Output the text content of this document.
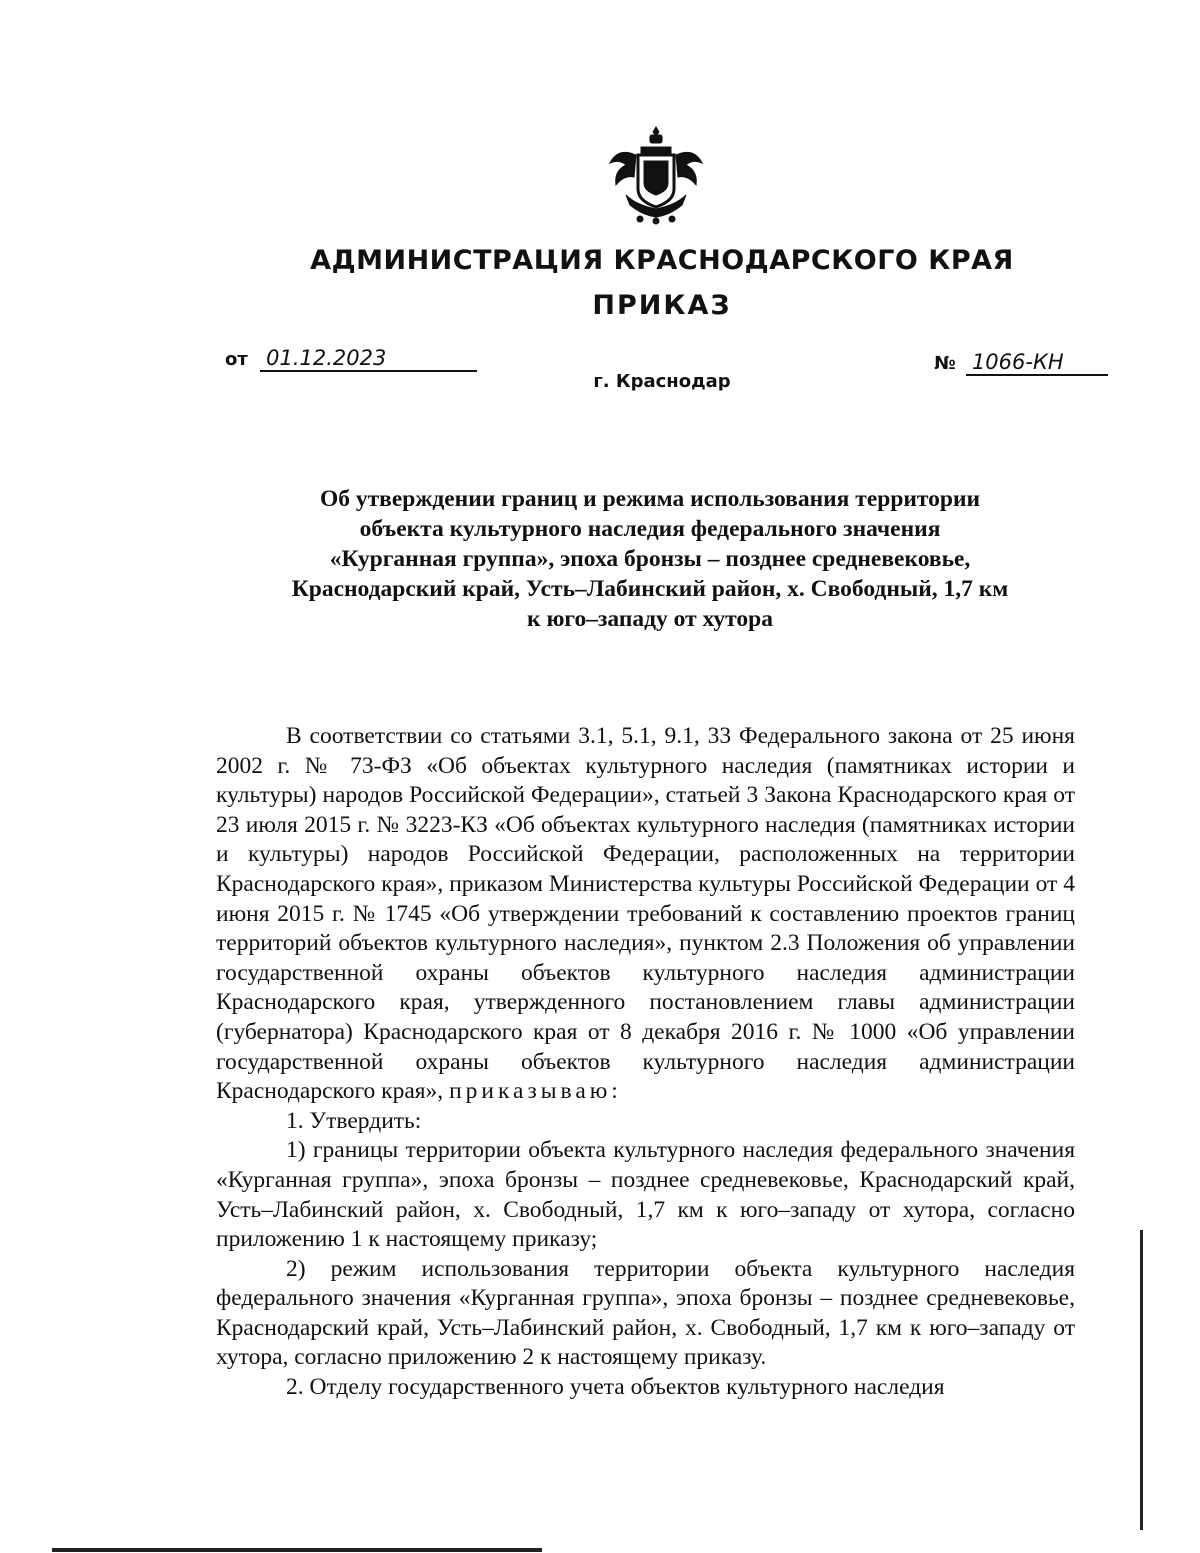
АДМИНИСТРАЦИЯ КРАСНОДАРСКОГО КРАЯ
ПРИКАЗ
от 01.12.2023	№ 1066-КН
г. Краснодар
Об утверждении границ и режима использования территории
объекта культурного наследия федерального значения
«Курганная группа», эпоха бронзы – позднее средневековье,
Краснодарский край, Усть–Лабинский район, х. Свободный, 1,7 км
к юго–западу от хутора

В соответствии со статьями 3.1, 5.1, 9.1, 33 Федерального закона от 25 июня 2002 г. № 73-ФЗ «Об объектах культурного наследия (памятниках истории и культуры) народов Российской Федерации», статьей 3 Закона Краснодарского края от 23 июля 2015 г. № 3223-КЗ «Об объектах культурного наследия (памятниках истории и культуры) народов Российской Федерации, расположенных на территории Краснодарского края», приказом Министерства культуры Российской Федерации от 4 июня 2015 г. № 1745 «Об утверждении требований к составлению проектов границ территорий объектов культурного наследия», пунктом 2.3 Положения об управлении государственной охраны объектов культурного наследия администрации Краснодарского края, утвержденного постановлением главы администрации (губернатора) Краснодарского края от 8 декабря 2016 г. № 1000 «Об управлении государственной охраны объектов культурного наследия администрации Краснодарского края», приказываю:

1. Утвердить:

1) границы территории объекта культурного наследия федерального значения «Курганная группа», эпоха бронзы – позднее средневековье, Краснодарский край, Усть–Лабинский район, х. Свободный, 1,7 км к юго–западу от хутора, согласно приложению 1 к настоящему приказу;

2) режим использования территории объекта культурного наследия федерального значения «Курганная группа», эпоха бронзы – позднее средневековье, Краснодарский край, Усть–Лабинский район, х. Свободный, 1,7 км к юго–западу от хутора, согласно приложению 2 к настоящему приказу.

2. Отделу государственного учета объектов культурного наследия
